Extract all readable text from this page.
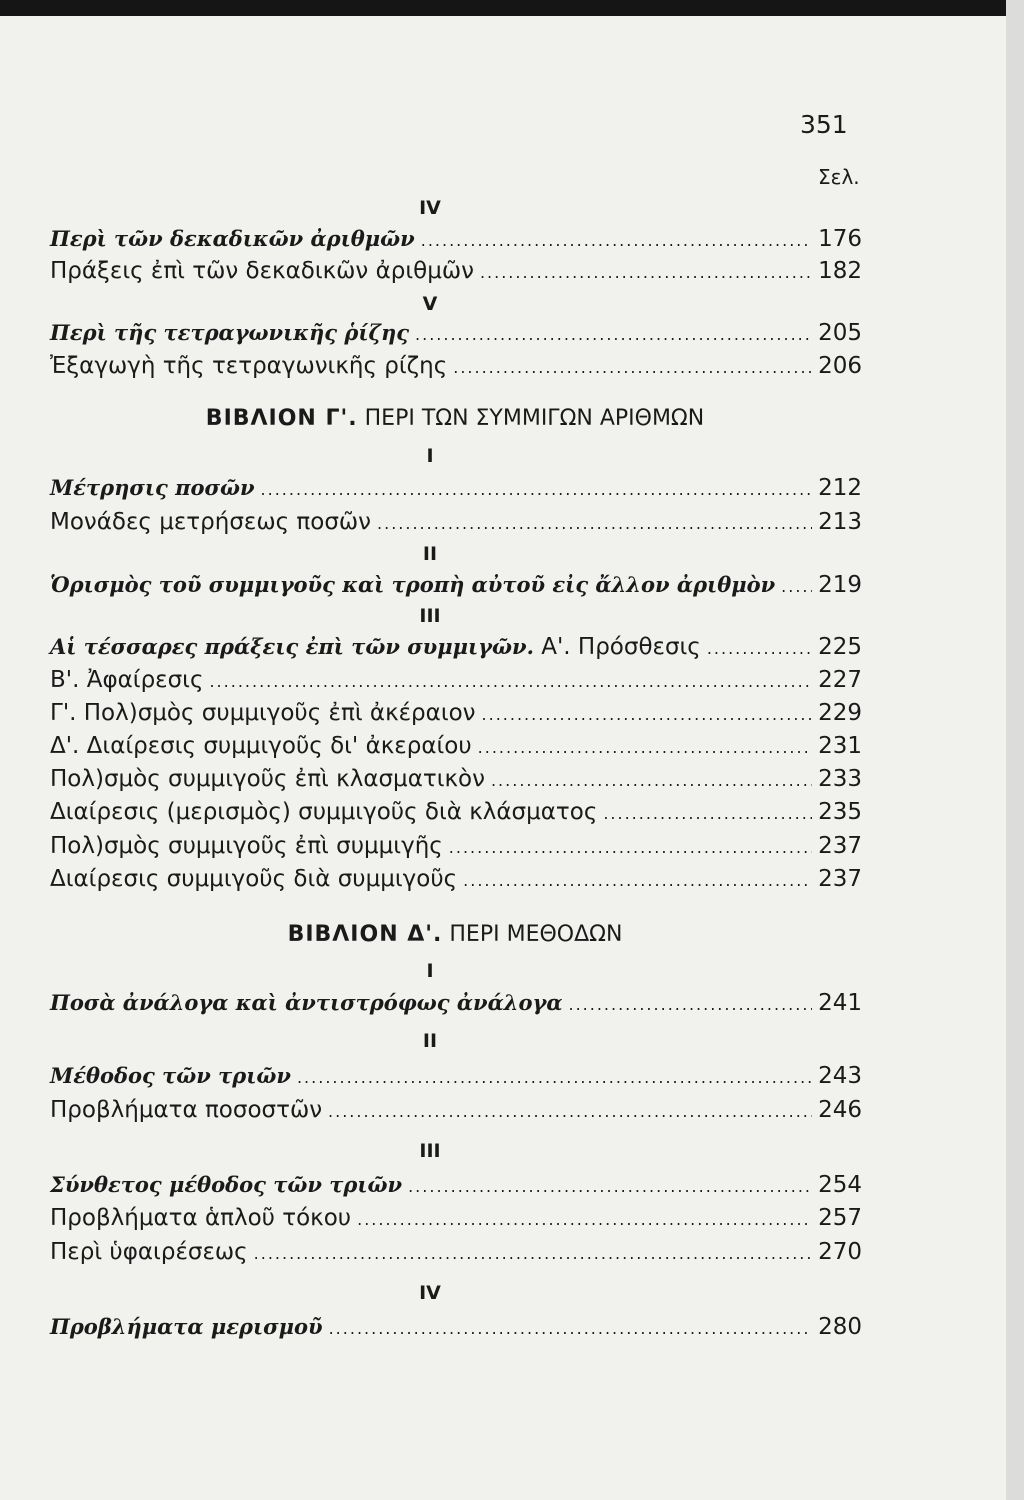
351
Σελ.
IV
Περὶ τῶν δεκαδικῶν ἀριθμῶν .....	176
Πράξεις ἐπὶ τῶν δεκαδικῶν ἀριθμῶν .....	182
V
Περὶ τῆς τετραγωνικῆς ῥίζης .....	205
Ἐξαγωγὴ τῆς τετραγωνικῆς ρίζης .....	206
ΒΙΒΛΙΟΝ Γ'. ΠΕΡΙ ΤΩΝ ΣΥΜΜΙΓΩΝ ΑΡΙΘΜΩΝ
I
Μέτρησις ποσῶν .....	212
Μονάδες μετρήσεως ποσῶν .....	213
II
Ὁρισμὸς τοῦ συμμιγοῦς καὶ τροπὴ αὐτοῦ εἰς ἄλλον ἀριθμὸν ..... 219
III
Αἱ τέσσαρες πράξεις ἐπὶ τῶν συμμιγῶν. Α'. Πρόσθεσις .....	225
Β'. Ἀφαίρεσις .....	227
Γ'. Πολ)σμὸς συμμιγοῦς ἐπὶ ἀκέραιον .....	229
Δ'. Διαίρεσις συμμιγοῦς δι' ἀκεραίου .....	231
Πολ)σμὸς συμμιγοῦς ἐπὶ κλασματικὸν .....	233
Διαίρεσις (μερισμὸς) συμμιγοῦς διὰ κλάσματος .....	235
Πολ)σμὸς συμμιγοῦς ἐπὶ συμμιγῆς .....	237
Διαίρεσις συμμιγοῦς διὰ συμμιγοῦς .....	237
ΒΙΒΛΙΟΝ Δ'. ΠΕΡΙ ΜΕΘΟΔΩΝ
I
Ποσὰ ἀνάλογα καὶ ἀντιστρόφως ἀνάλογα .....	241
II
Μέθοδος τῶν τριῶν .....	243
Προβλήματα ποσοστῶν .....	246
III
Σύνθετος μέθοδος τῶν τριῶν .....	254
Προβλήματα ἁπλοῦ τόκου .....	257
Περὶ ὑφαιρέσεως .....	270
IV
Προβλήματα μερισμοῦ .....	280
